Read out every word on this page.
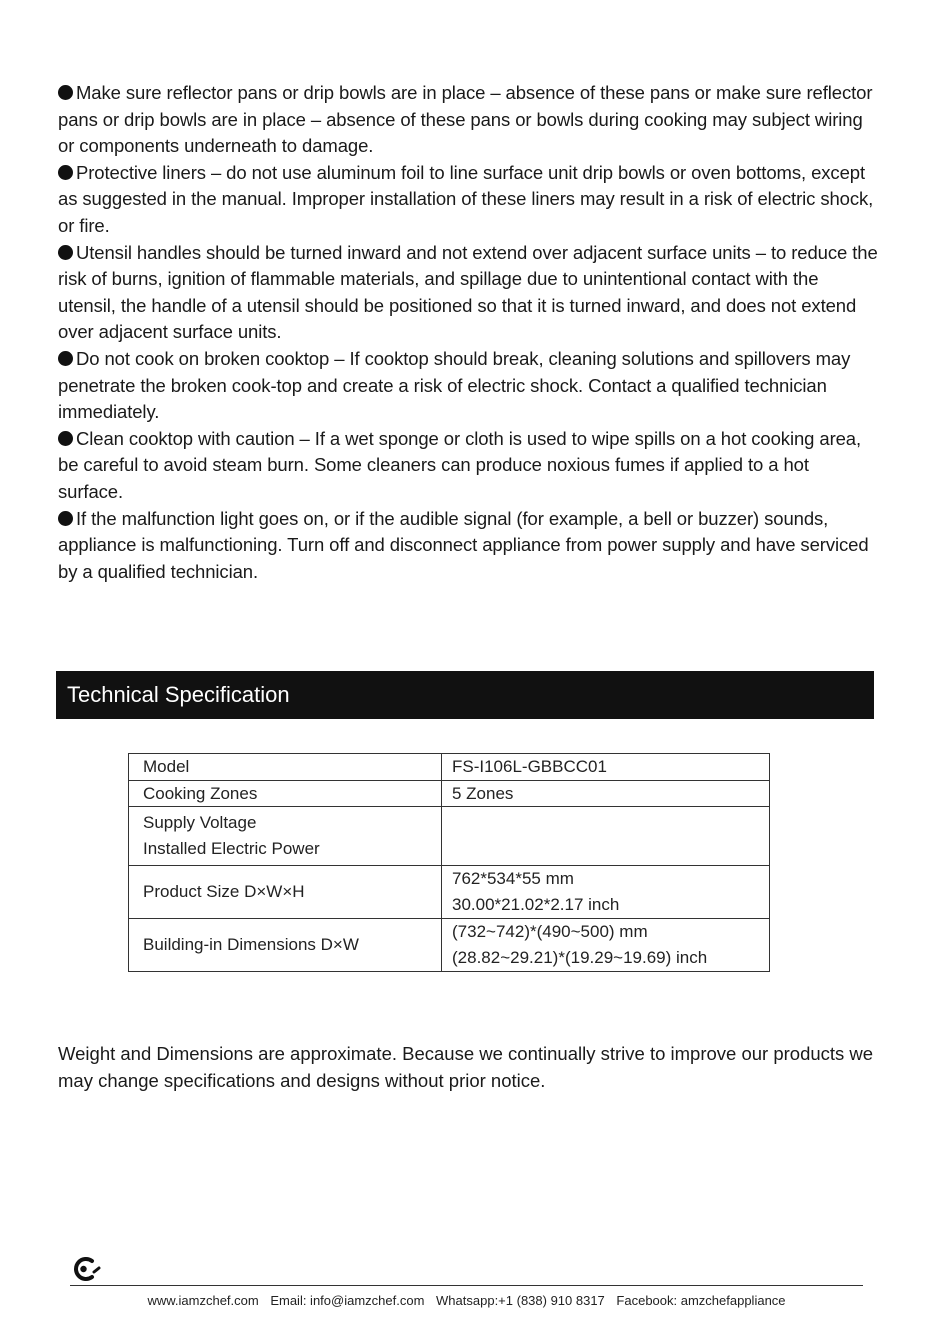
Make sure reflector pans or drip bowls are in place – absence of these pans or make sure reflector pans or drip bowls are in place – absence of these pans or bowls during cooking may subject wiring or components underneath to damage.

Protective liners – do not use aluminum foil to line surface unit drip bowls or oven bottoms, except as suggested in the manual. Improper installation of these liners may result in a risk of electric shock, or fire.

Utensil handles should be turned inward and not extend over adjacent surface units – to reduce the risk of burns, ignition of flammable materials, and spillage due to unintentional contact with the utensil, the handle of a utensil should be positioned so that it is turned inward, and does not extend over adjacent surface units.

Do not cook on broken cooktop – If cooktop should break, cleaning solutions and spillovers may penetrate the broken cook-top and create a risk of electric shock. Contact a qualified technician immediately.

Clean cooktop with caution – If a wet sponge or cloth is used to wipe spills on a hot cooking area, be careful to avoid steam burn. Some cleaners can produce noxious fumes if applied to a hot surface.

If the malfunction light goes on, or if the audible signal (for example, a bell or buzzer) sounds, appliance is malfunctioning. Turn off and disconnect appliance from power supply and have serviced by a qualified technician.

Technical Specification
Model	FS-I106L-GBBCC01
Cooking Zones	5 Zones

Supply Voltage
Installed Electric Power	

Product Size D×W×H	762*534*55 mm
30.00*21.02*2.17 inch

Building-in Dimensions D×W	(732~742)*(490~500) mm
(28.82~29.21)*(19.29~19.69) inch

Weight and Dimensions are approximate. Because we continually strive to improve our products we may change specifications and designs without prior notice.

www.iamzchef.com Email: info@iamzchef.com Whatsapp:+1 (838) 910 8317 Facebook: amzchefappliance
